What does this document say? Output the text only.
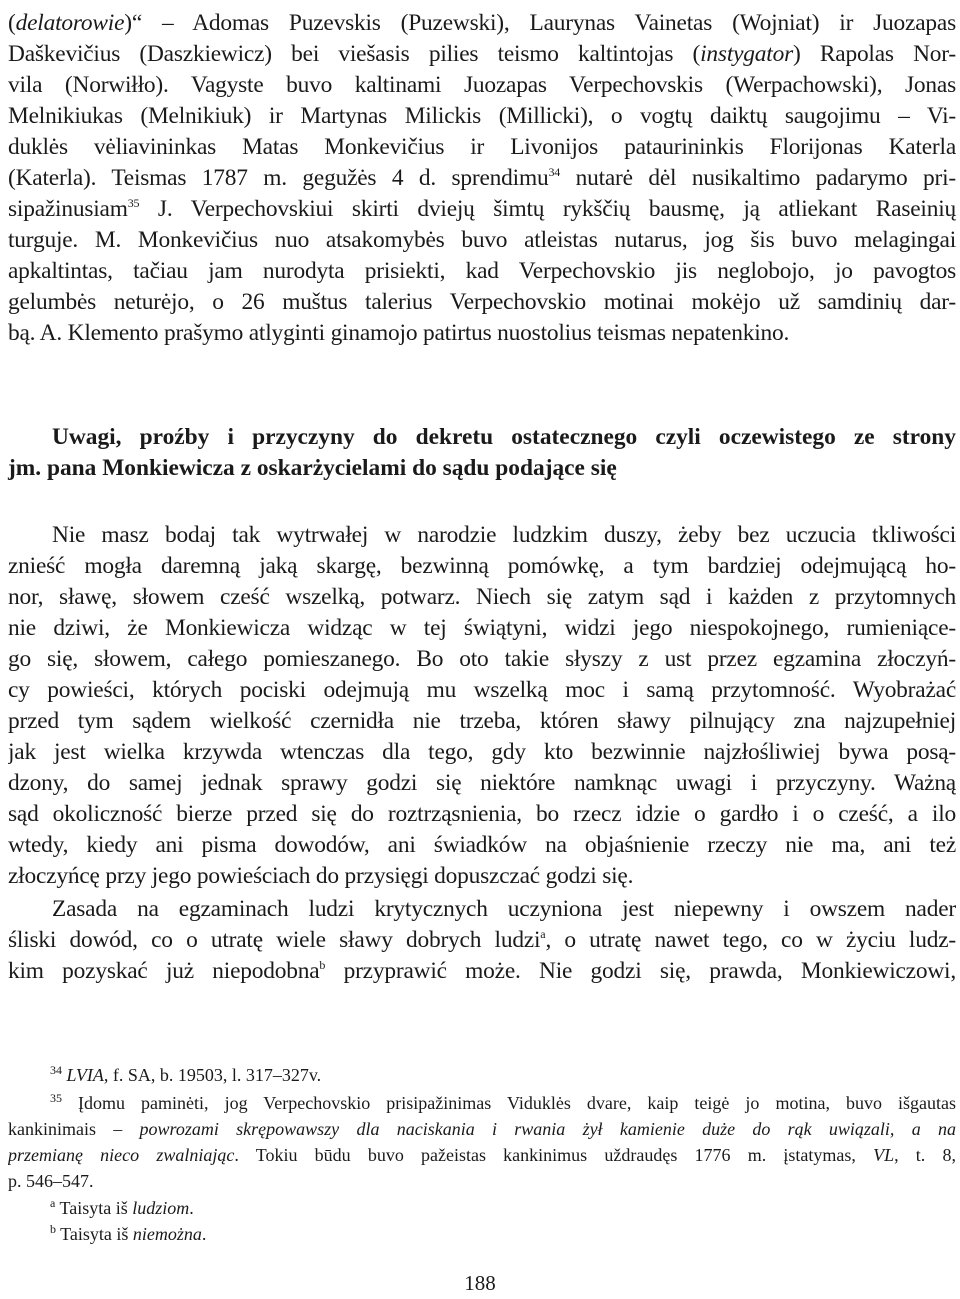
(delatorowie)“ – Adomas Puzevskis (Puzewski), Laurynas Vainetas (Wojniat) ir Juozapas
Daškevičius (Daszkiewicz) bei viešasis pilies teismo kaltintojas (instygator) Rapolas Nor-
vila (Norwiłło). Vagyste buvo kaltinami Juozapas Verpechovskis (Werpachowski), Jonas
Melnikiukas (Melnikiuk) ir Martynas Milickis (Millicki), o vogtų daiktų saugojimu – Vi-
duklės vėliavininkas Matas Monkevičius ir Livonijos pataurininkis Florijonas Katerla
(Katerla). Teismas 1787 m. gegužės 4 d. sprendimu$^{34}$ nutarė dėl nusikaltimo padarymo pri-
sipažinusiam$^{35}$ J. Verpechovskiui skirti dviejų šimtų rykščių bausmę, ją atliekant Raseinių
turguje. M. Monkevičius nuo atsakomybės buvo atleistas nutarus, jog šis buvo melagingai
apkaltintas, tačiau jam nurodyta prisiekti, kad Verpechovskio jis neglobojo, jo pavogtos
gelumbės neturėjo, o 26 muštus talerius Verpechovskio motinai mokėjo už samdinių dar-
bą. A. Klemento prašymo atlyginti ginamojo patirtus nuostolius teismas nepatenkino.
Uwagi, proźby i przyczyny do dekretu ostatecznego czyli oczewistego ze strony
jm. pana Monkiewicza z oskarżycielami do sądu podające się
Nie masz bodaj tak wytrwałej w narodzie ludzkim duszy, żeby bez uczucia tkliwości
znieść mogła daremną jaką skargę, bezwinną pomówkę, a tym bardziej odejmującą ho-
nor, sławę, słowem cześć wszelką, potwarz. Niech się zatym sąd i każden z przytomnych
nie dziwi, że Monkiewicza widząc w tej świątyni, widzi jego niespokojnego, rumieniące-
go się, słowem, całego pomieszanego. Bo oto takie słyszy z ust przez egzamina złoczyń-
cy powieści, których pociski odejmują mu wszelką moc i samą przytomność. Wyobrażać
przed tym sądem wielkość czernidła nie trzeba, któren sławy pilnujący zna najzupełniej
jak jest wielka krzywda wtenczas dla tego, gdy kto bezwinnie najzłośliwiej bywa posą-
dzony, do samej jednak sprawy godzi się niektóre namknąc uwagi i przyczyny. Ważną
sąd okoliczność bierze przed się do roztrząsnienia, bo rzecz idzie o gardło i o cześć, a ilo
wtedy, kiedy ani pisma dowodów, ani świadków na objaśnienie rzeczy nie ma, ani też
złoczyńcę przy jego powieściach do przysięgi dopuszczać godzi się.
Zasada na egzaminach ludzi krytycznych uczyniona jest niepewny i owszem nader
śliski dowód, co o utratę wiele sławy dobrych ludzi$^a$, o utratę nawet tego, co w życiu ludz-
kim pozyskać już niepodobna$^b$ przyprawić może. Nie godzi się, prawda, Monkiewiczowi,
$^{34}$ LVIA, f. SA, b. 19503, l. 317–327v.
$^{35}$ Įdomu paminėti, jog Verpechovskio prisipažinimas Viduklės dvare, kaip teigė jo motina, buvo išgautas
kankinimais – powrozami skrępowawszy dla naciskania i rwania żył kamienie duże do rąk uwiązali, a na
przemianę nieco zwalniając. Tokiu būdu buvo pažeistas kankinimus uždraudęs 1776 m. įstatymas, VL, t. 8,
p. 546–547.
$^a$ Taisyta iš ludziom.
$^b$ Taisyta iš niemożna.
188
